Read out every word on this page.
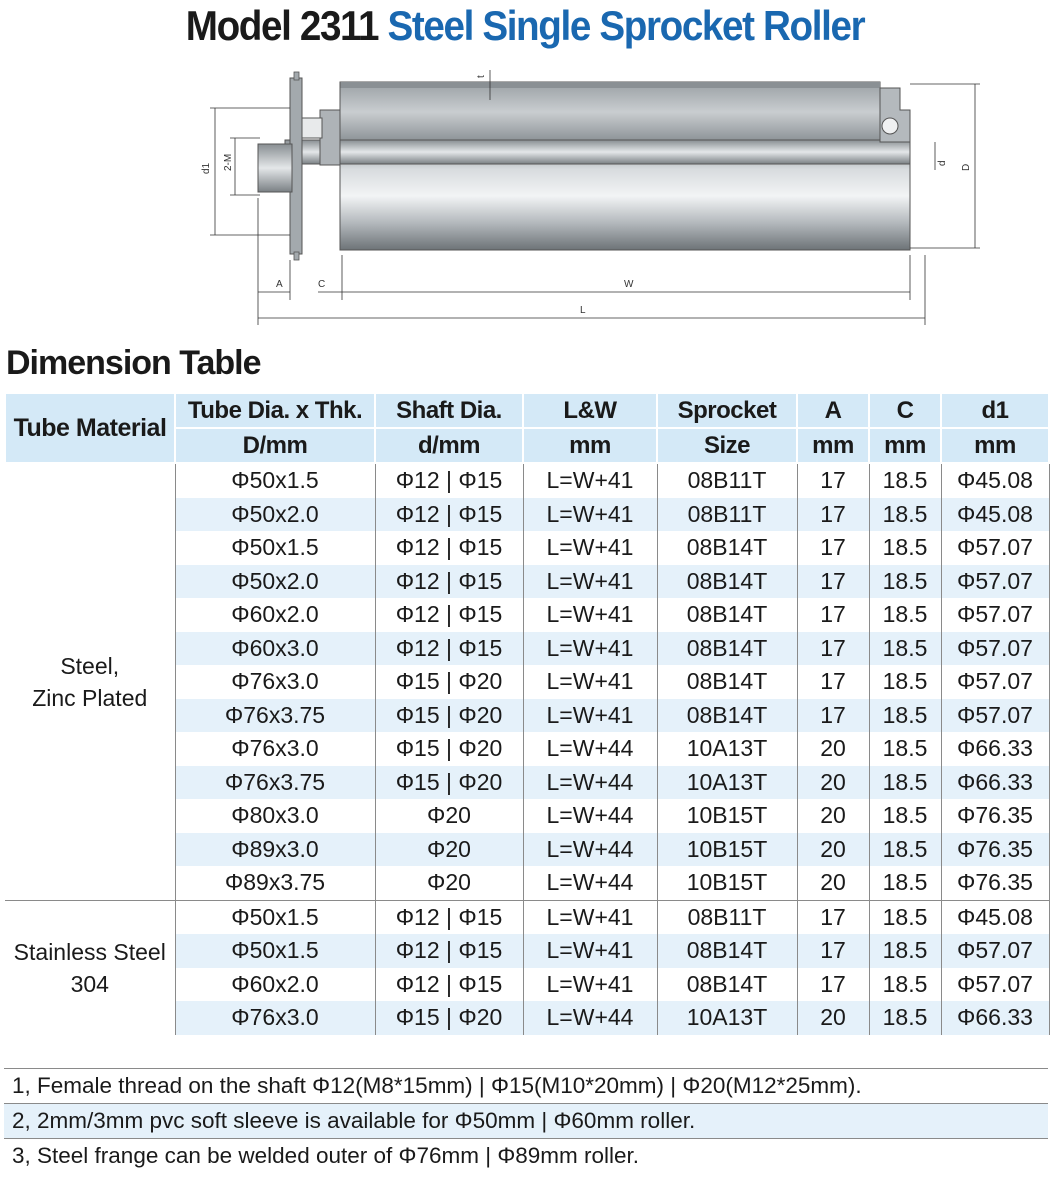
Model 2311 Steel Single Sprocket Roller
t
d1 2-M	d
D
A	C	W
L
Dimension Table
Tube Material	Tube Dia. x Thk.	Shaft Dia.	L&W	Sprocket	A	C	d1
	D/mm	d/mm	mm	Size	mm	mm	mm

Steel,
Zinc Plated	Φ50x1.5	Φ12 | Φ15	L=W+41	08B11T	17	18.5	Φ45.08
	Φ50x2.0	Φ12 | Φ15	L=W+41	08B11T	17	18.5	Φ45.08
	Φ50x1.5	Φ12 | Φ15	L=W+41	08B14T	17	18.5	Φ57.07
	Φ50x2.0	Φ12 | Φ15	L=W+41	08B14T	17	18.5	Φ57.07
	Φ60x2.0	Φ12 | Φ15	L=W+41	08B14T	17	18.5	Φ57.07
	Φ60x3.0	Φ12 | Φ15	L=W+41	08B14T	17	18.5	Φ57.07
	Φ76x3.0	Φ15 | Φ20	L=W+41	08B14T	17	18.5	Φ57.07
	Φ76x3.75	Φ15 | Φ20	L=W+41	08B14T	17	18.5	Φ57.07
	Φ76x3.0	Φ15 | Φ20	L=W+44	10A13T	20	18.5	Φ66.33
	Φ76x3.75	Φ15 | Φ20	L=W+44	10A13T	20	18.5	Φ66.33
	Φ80x3.0	Φ20	L=W+44	10B15T	20	18.5	Φ76.35
	Φ89x3.0	Φ20	L=W+44	10B15T	20	18.5	Φ76.35
	Φ89x3.75	Φ20	L=W+44	10B15T	20	18.5	Φ76.35

Stainless Steel
304	Φ50x1.5	Φ12 | Φ15	L=W+41	08B11T	17	18.5	Φ45.08
	Φ50x1.5	Φ12 | Φ15	L=W+41	08B14T	17	18.5	Φ57.07
	Φ60x2.0	Φ12 | Φ15	L=W+41	08B14T	17	18.5	Φ57.07
	Φ76x3.0	Φ15 | Φ20	L=W+44	10A13T	20	18.5	Φ66.33
1, Female thread on the shaft Φ12(M8*15mm) | Φ15(M10*20mm) | Φ20(M12*25mm).
2, 2mm/3mm pvc soft sleeve is available for Φ50mm | Φ60mm roller.
3, Steel frange can be welded outer of Φ76mm | Φ89mm roller.
